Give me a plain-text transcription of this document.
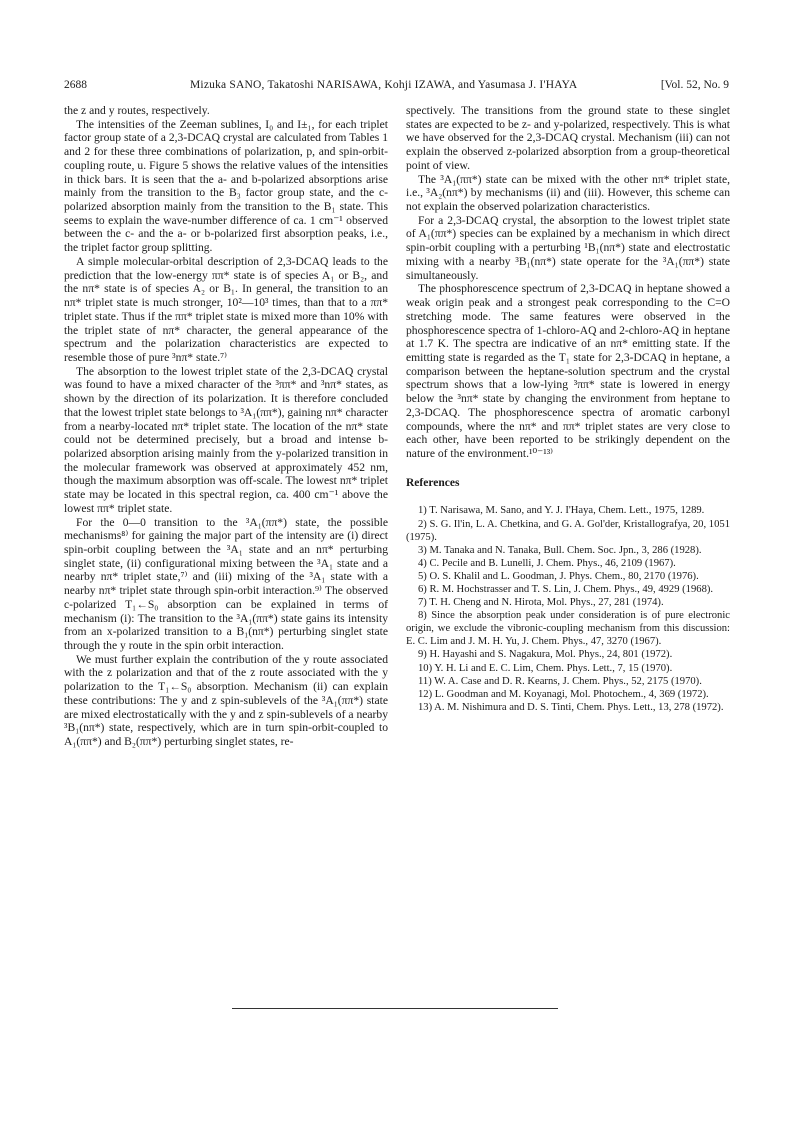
2688	Mizuka SANO, Takatoshi NARISAWA, Kohji IZAWA, and Yasumasa J. I'HAYA	[Vol. 52, No. 9

the z and y routes, respectively.

The intensities of the Zeeman sublines, I₀ and I±₁, for each triplet factor group state of a 2,3-DCAQ crystal are calculated from Tables 1 and 2 for these three combinations of polarization, p, and spin-orbit-coupling route, u. Figure 5 shows the relative values of the intensities in thick bars. It is seen that the a- and b-polarized absorptions arise mainly from the transition to the B₃ factor group state, and the c-polarized absorption mainly from the transition to the B₁ state. This seems to explain the wave-number difference of ca. 1 cm⁻¹ observed between the c- and the a- or b-polarized first absorption peaks, i.e., the triplet factor group splitting.

A simple molecular-orbital description of 2,3-DCAQ leads to the prediction that the low-energy ππ* state is of species A₁ or B₂, and the nπ* state is of species A₂ or B₁. In general, the transition to an nπ* triplet state is much stronger, 10²—10³ times, than that to a ππ* triplet state. Thus if the ππ* triplet state is mixed more than 10% with the triplet state of nπ* character, the general appearance of the spectrum and the polarization characteristics are expected to resemble those of pure ³nπ* state.⁷⁾

The absorption to the lowest triplet state of the 2,3-DCAQ crystal was found to have a mixed character of the ³ππ* and ³nπ* states, as shown by the direction of its polarization. It is therefore concluded that the lowest triplet state belongs to ³A₁(ππ*), gaining nπ* character from a nearby-located nπ* triplet state. The location of the nπ* state could not be determined precisely, but a broad and intense b-polarized absorption arising mainly from the y-polarized transition in the molecular framework was observed at approximately 452 nm, though the maximum absorption was off-scale. The lowest nπ* triplet state may be located in this spectral region, ca. 400 cm⁻¹ above the lowest ππ* triplet state.

For the 0—0 transition to the ³A₁(ππ*) state, the possible mechanisms⁸⁾ for gaining the major part of the intensity are (i) direct spin-orbit coupling between the ³A₁ state and an nπ* perturbing singlet state, (ii) configurational mixing between the ³A₁ state and a nearby nπ* triplet state,⁷⁾ and (iii) mixing of the ³A₁ state with a nearby nπ* triplet state through spin-orbit interaction.⁹⁾ The observed c-polarized T₁←S₀ absorption can be explained in terms of mechanism (i): The transition to the ³A₁(ππ*) state gains its intensity from an x-polarized transition to a B₁(nπ*) perturbing singlet state through the y route in the spin orbit interaction.

We must further explain the contribution of the y route associated with the z polarization and that of the z route associated with the y polarization to the T₁←S₀ absorption. Mechanism (ii) can explain these contributions: The y and z spin-sublevels of the ³A₁(ππ*) state are mixed electrostatically with the y and z spin-sublevels of a nearby ³B₁(nπ*) state, respectively, which are in turn spin-orbit-coupled to A₁(ππ*) and B₂(ππ*) perturbing singlet states, re-

spectively. The transitions from the ground state to these singlet states are expected to be z- and y-polarized, respectively. This is what we have observed for the 2,3-DCAQ crystal. Mechanism (iii) can not explain the observed z-polarized absorption from a group-theoretical point of view.

The ³A₁(ππ*) state can be mixed with the other nπ* triplet state, i.e., ³A₂(nπ*) by mechanisms (ii) and (iii). However, this scheme can not explain the observed polarization characteristics.

For a 2,3-DCAQ crystal, the absorption to the lowest triplet state of A₁(ππ*) species can be explained by a mechanism in which direct spin-orbit coupling with a perturbing ¹B₁(nπ*) state and electrostatic mixing with a nearby ³B₁(nπ*) state operate for the ³A₁(ππ*) state simultaneously.

The phosphorescence spectrum of 2,3-DCAQ in heptane showed a weak origin peak and a strongest peak corresponding to the C=O stretching mode. The same features were observed in the phosphorescence spectra of 1-chloro-AQ and 2-chloro-AQ in heptane at 1.7 K. The spectra are indicative of an nπ* emitting state. If the emitting state is regarded as the T₁ state for 2,3-DCAQ in heptane, a comparison between the heptane-solution spectrum and the crystal spectrum shows that a low-lying ³ππ* state is lowered in energy below the ³nπ* state by changing the environment from heptane to 2,3-DCAQ. The phosphorescence spectra of aromatic carbonyl compounds, where the nπ* and ππ* triplet states are very close to each other, have been reported to be strikingly dependent on the nature of the environment.¹⁰⁻¹³⁾

References

1) T. Narisawa, M. Sano, and Y. J. I'Haya, Chem. Lett., 1975, 1289.

2) S. G. Il'in, L. A. Chetkina, and G. A. Gol'der, Kristallografya, 20, 1051 (1975).

3) M. Tanaka and N. Tanaka, Bull. Chem. Soc. Jpn., 3, 286 (1928).

4) C. Pecile and B. Lunelli, J. Chem. Phys., 46, 2109 (1967).

5) O. S. Khalil and L. Goodman, J. Phys. Chem., 80, 2170 (1976).

6) R. M. Hochstrasser and T. S. Lin, J. Chem. Phys., 49, 4929 (1968).

7) T. H. Cheng and N. Hirota, Mol. Phys., 27, 281 (1974).

8) Since the absorption peak under consideration is of pure electronic origin, we exclude the vibronic-coupling mechanism from this discussion: E. C. Lim and J. M. H. Yu, J. Chem. Phys., 47, 3270 (1967).

9) H. Hayashi and S. Nagakura, Mol. Phys., 24, 801 (1972).

10) Y. H. Li and E. C. Lim, Chem. Phys. Lett., 7, 15 (1970).

11) W. A. Case and D. R. Kearns, J. Chem. Phys., 52, 2175 (1970).

12) L. Goodman and M. Koyanagi, Mol. Photochem., 4, 369 (1972).

13) A. M. Nishimura and D. S. Tinti, Chem. Phys. Lett., 13, 278 (1972).
